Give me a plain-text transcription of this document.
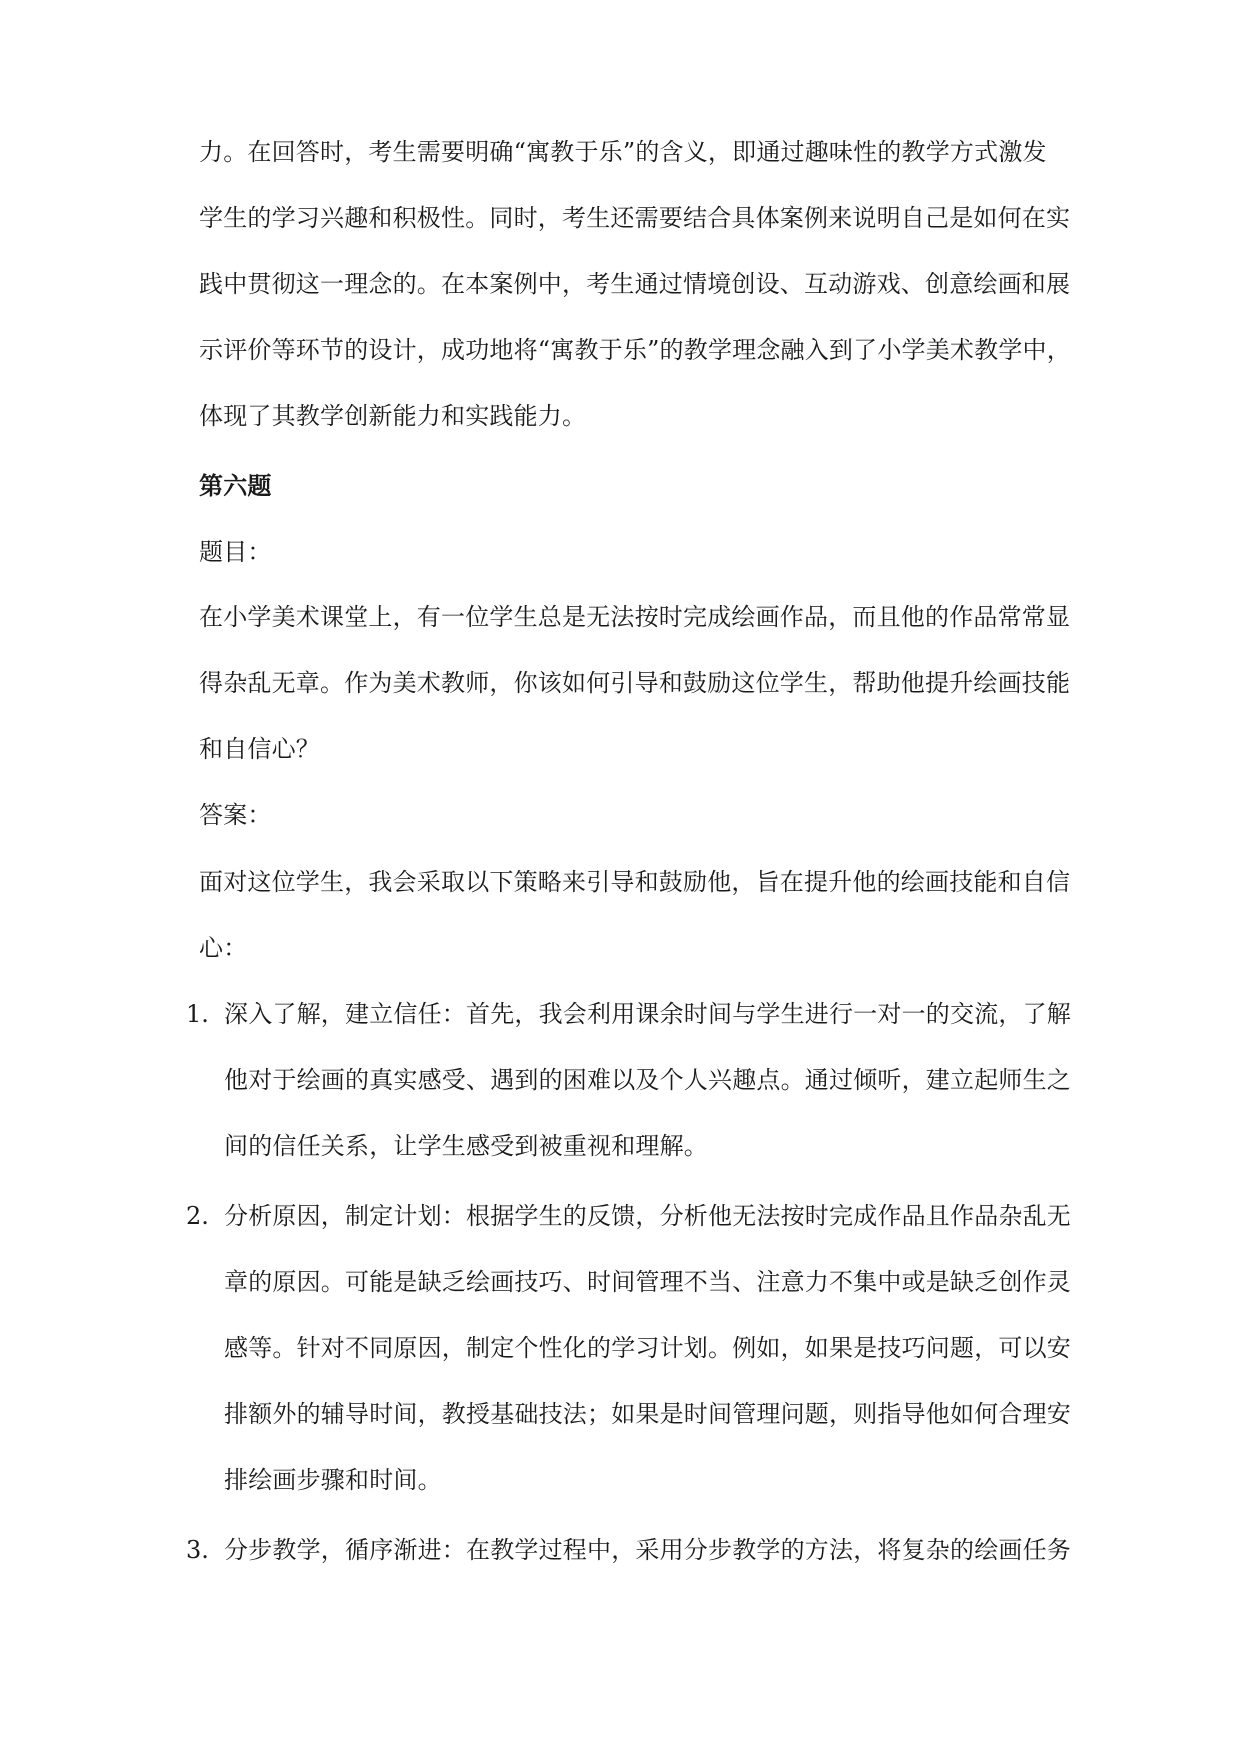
力。在回答时，考生需要明确“寓教于乐”的含义，即通过趣味性的教学方式激发
学生的学习兴趣和积极性。同时，考生还需要结合具体案例来说明自己是如何在实
践中贯彻这一理念的。在本案例中，考生通过情境创设、互动游戏、创意绘画和展
示评价等环节的设计，成功地将“寓教于乐”的教学理念融入到了小学美术教学中，
体现了其教学创新能力和实践能力。
第六题
题目：
在小学美术课堂上，有一位学生总是无法按时完成绘画作品，而且他的作品常常显
得杂乱无章。作为美术教师，你该如何引导和鼓励这位学生，帮助他提升绘画技能
和自信心？
答案：
面对这位学生，我会采取以下策略来引导和鼓励他，旨在提升他的绘画技能和自信
心：
1. 深入了解，建立信任：首先，我会利用课余时间与学生进行一对一的交流，了解
他对于绘画的真实感受、遇到的困难以及个人兴趣点。通过倾听，建立起师生之
间的信任关系，让学生感受到被重视和理解。
2. 分析原因，制定计划：根据学生的反馈，分析他无法按时完成作品且作品杂乱无
章的原因。可能是缺乏绘画技巧、时间管理不当、注意力不集中或是缺乏创作灵
感等。针对不同原因，制定个性化的学习计划。例如，如果是技巧问题，可以安
排额外的辅导时间，教授基础技法；如果是时间管理问题，则指导他如何合理安
排绘画步骤和时间。
3. 分步教学，循序渐进：在教学过程中，采用分步教学的方法，将复杂的绘画任务
